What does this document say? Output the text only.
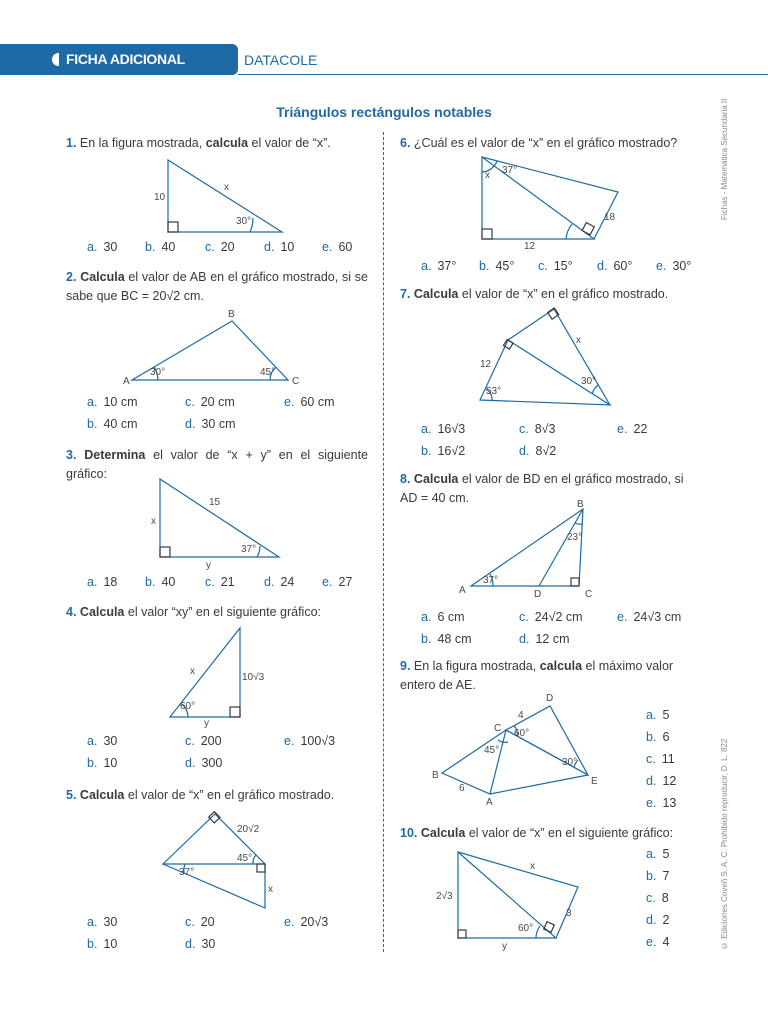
FICHA ADICIONAL	DATACOLE
Triángulos rectángulos notables	Fichas - Matemática Secundaria II
© Ediciones Coveñ S. A. C. Prohibido reproducir. D. L. 822
1. En la figura mostrada, calcula el valor de “x”.
10
x
30°
a. 30 b. 40 c. 20 d. 10 e. 60
2. Calcula el valor de AB en el gráfico mostrado, si se sabe que BC = 20√2 cm.
B
A	C
30°	45°
a. 10 cm	c. 20 cm	e. 60 cm
b. 40 cm	d. 30 cm
3. Determina el valor de “x + y” en el siguiente gráfico:
15
x
y
37°
a. 18 b. 40 c. 21 d. 24 e. 27
4. Calcula el valor “xy” en el siguiente gráfico:
x
10√3
60°
y
a. 30	c. 200	e. 100√3
b. 10	d. 300
5. Calcula el valor de “x” en el gráfico mostrado.
20√2
45°
37°
x
a. 30	c. 20	e. 20√3
b. 10	d. 30
6. ¿Cuál es el valor de “x” en el gráfico mostrado?
x 37°
18
12
a. 37° b. 45° c. 15° d. 60° e. 30°
7. Calcula el valor de “x” en el gráfico mostrado.
12
x
53°
30°
a. 16√3	c. 8√3	e. 22
b. 16√2	d. 8√2
8. Calcula el valor de BD en el gráfico mostrado, si AD = 40 cm.	B
23°
A
37°
D	C
a. 6 cm	c. 24√2 cm	e. 24√3 cm
b. 48 cm	d. 12 cm
9. En la figura mostrada, calcula el máximo valor entero de AE.
D
4
C 60°
45°
30°
B
E
6
A
a. 5
b. 6
c. 11
d. 12
e. 13
10. Calcula el valor de “x” en el siguiente gráfico:
x
2√3
3
60°
y
a. 5
b. 7
c. 8
d. 2
e. 4
